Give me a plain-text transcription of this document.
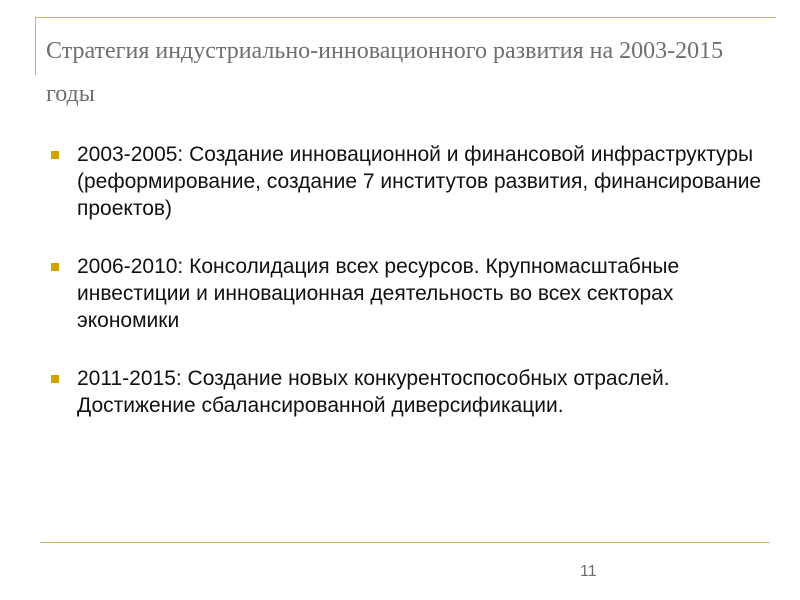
Стратегия индустриально-инновационного развития на 2003-2015 годы
2003-2005: Создание инновационной и финансовой инфраструктуры (реформирование, создание 7 институтов развития, финансирование проектов)
2006-2010: Консолидация всех ресурсов. Крупномасштабные инвестиции и инновационная деятельность во всех секторах экономики
2011-2015: Создание новых конкурентоспособных отраслей. Достижение сбалансированной диверсификации.
11
